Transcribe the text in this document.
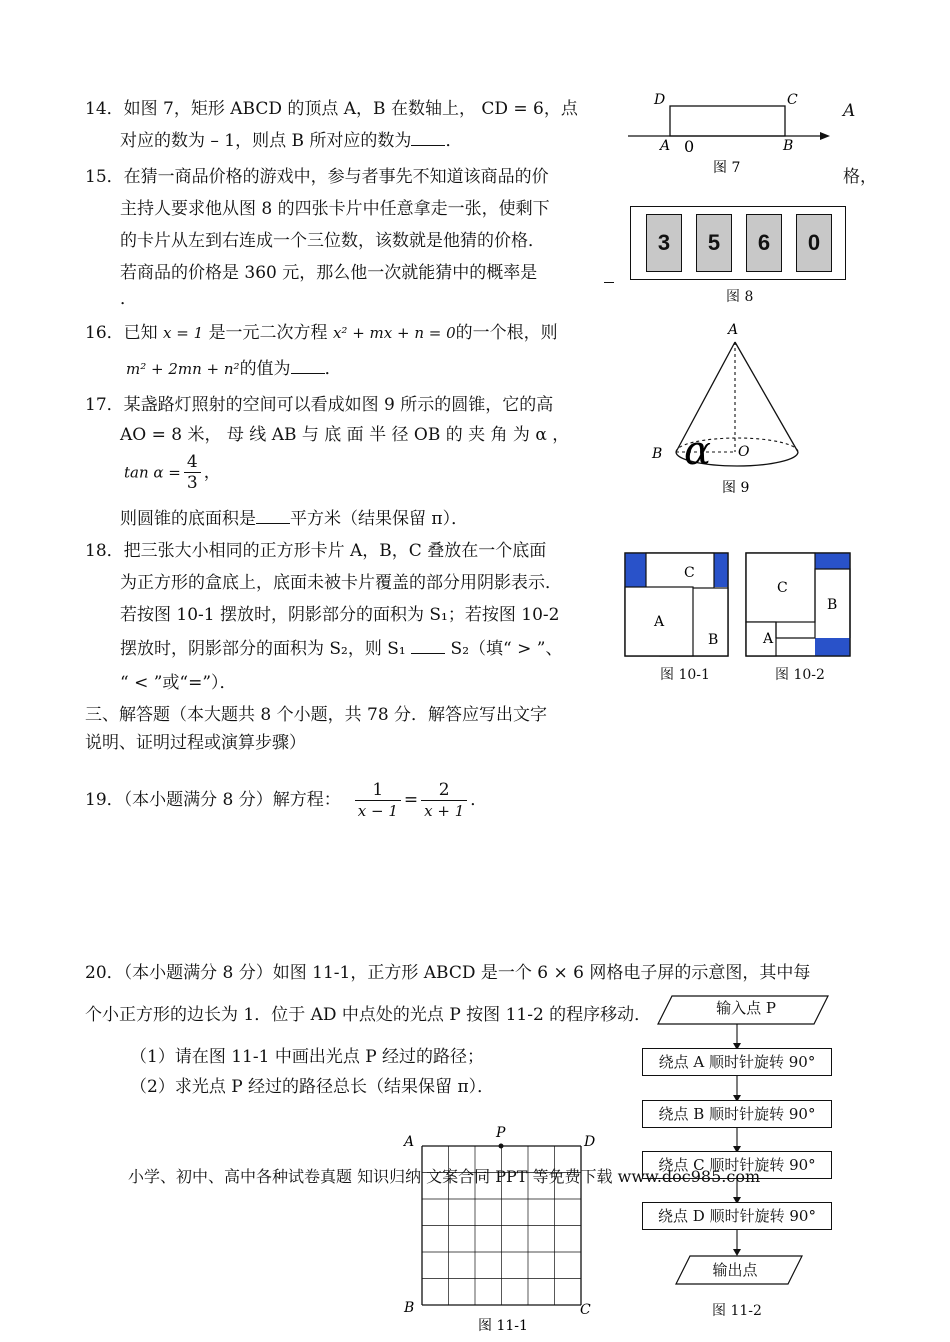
14．如图 7，矩形 ABCD 的顶点 A，B 在数轴上， CD = 6，点
对应的数为 – 1，则点 B 所对应的数为 ．
A
D	C
A 0	B
图 7
15．在猜一商品价格的游戏中，参与者事先不知道该商品的价	格，
主持人要求他从图 8 的四张卡片中任意拿走一张，使剩下
的卡片从左到右连成一个三位数，该数就是他猜的价格．
若商品的价格是 360 元，那么他一次就能猜中的概率是
．
3	5	6	0
图 8
16．已知 x = 1 是一元二次方程 x² + mx + n = 0的一个根，则
m² + 2mn + n²的值为 ．
17．某盏路灯照射的空间可以看成如图 9 所示的圆锥，它的高
AO = 8 米， 母 线 AB 与 底 面 半 径 OB 的 夹 角 为 α ，
$\tan \alpha = \frac{4}{3}$ ，
则圆锥的底面积是 平方米（结果保留 π）．
A
B	O
α
图 9
18．把三张大小相同的正方形卡片 A，B，C 叠放在一个底面
为正方形的盒底上，底面未被卡片覆盖的部分用阴影表示．
若按图 10-1 摆放时，阴影部分的面积为 S₁；若按图 10-2
摆放时，阴影部分的面积为 S₂，则 S₁	S₂（填“ > ”、
“ < ”或“=”）．
C
A
B
图 10-1
C
B
A
图 10-2
三、解答题（本大题共 8 个小题，共 78 分．解答应写出文字
说明、证明过程或演算步骤）
19．（本小题满分 8 分）解方程： $\frac{1}{x - 1} = \frac{2}{x + 1}$ ．
20．（本小题满分 8 分）如图 11-1，正方形 ABCD 是一个 6 × 6 网格电子屏的示意图，其中每
个小正方形的边长为 1．位于 AD 中点处的光点 P 按图 11-2 的程序移动．
（1）请在图 11-1 中画出光点 P 经过的路径；
（2）求光点 P 经过的路径总长（结果保留 π）．
A
P
D
B	C
图 11-1
输入点 P
绕点 A 顺时针旋转 90°
绕点 B 顺时针旋转 90°
绕点 C 顺时针旋转 90°
绕点 D 顺时针旋转 90°
输出点
图 11-2
小学、初中、高中各种试卷真题 知识归纳 文案合同 PPT 等免费下载 www.doc985.com
